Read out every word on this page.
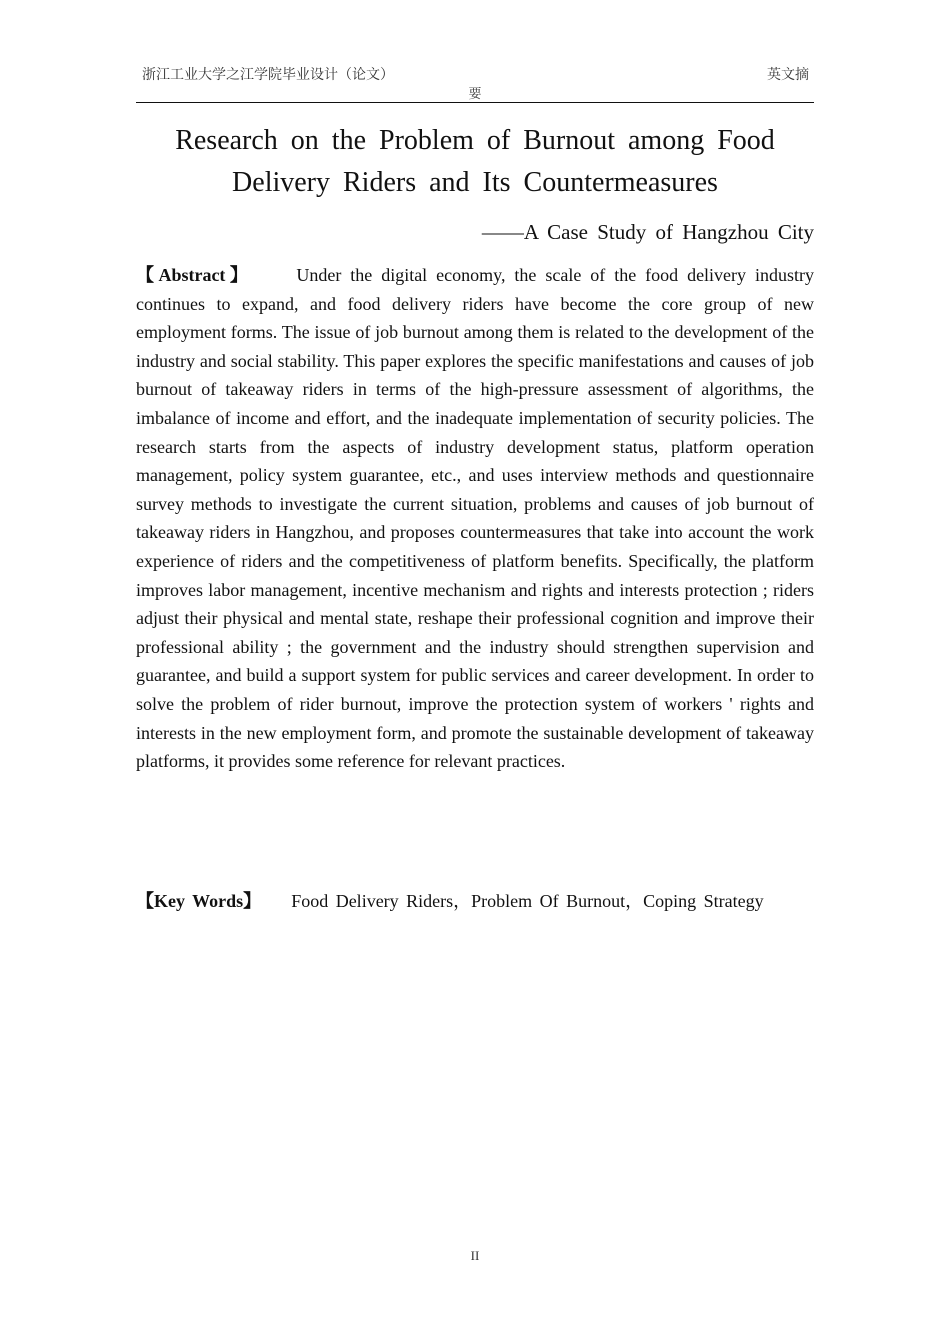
浙江工业大学之江学院毕业设计（论文）	英文摘
要
Research on the Problem of Burnout among Food Delivery Riders and Its Countermeasures
——A Case Study of Hangzhou City

【Abstract】 Under the digital economy, the scale of the food delivery industry continues to expand, and food delivery riders have become the core group of new employment forms. The issue of job burnout among them is related to the development of the industry and social stability. This paper explores the specific manifestations and causes of job burnout of takeaway riders in terms of the high-pressure assessment of algorithms, the imbalance of income and effort, and the inadequate implementation of security policies. The research starts from the aspects of industry development status, platform operation management, policy system guarantee, etc., and uses interview methods and questionnaire survey methods to investigate the current situation, problems and causes of job burnout of takeaway riders in Hangzhou, and proposes countermeasures that take into account the work experience of riders and the competitiveness of platform benefits. Specifically, the platform improves labor management, incentive mechanism and rights and interests protection ; riders adjust their physical and mental state, reshape their professional cognition and improve their professional ability ; the government and the industry should strengthen supervision and guarantee, and build a support system for public services and career development. In order to solve the problem of rider burnout, improve the protection system of workers ' rights and interests in the new employment form, and promote the sustainable development of takeaway platforms, it provides some reference for relevant practices.

【Key Words】 Food Delivery Riders，Problem Of Burnout，Coping Strategy
II
